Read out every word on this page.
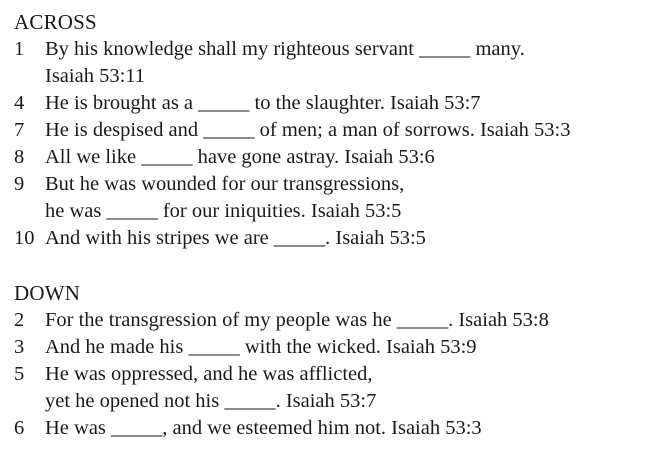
ACROSS
1	By his knowledge shall my righteous servant _____ many.
Isaiah 53:11
4	He is brought as a _____ to the slaughter. Isaiah 53:7
7	He is despised and _____ of men; a man of sorrows. Isaiah 53:3
8	All we like _____ have gone astray. Isaiah 53:6
9	But he was wounded for our transgressions,
he was _____ for our iniquities. Isaiah 53:5
10 And with his stripes we are _____. Isaiah 53:5
DOWN
2	For the transgression of my people was he _____. Isaiah 53:8
3	And he made his _____ with the wicked. Isaiah 53:9
5	He was oppressed, and he was afflicted,
yet he opened not his _____. Isaiah 53:7
6	He was _____, and we esteemed him not. Isaiah 53:3
